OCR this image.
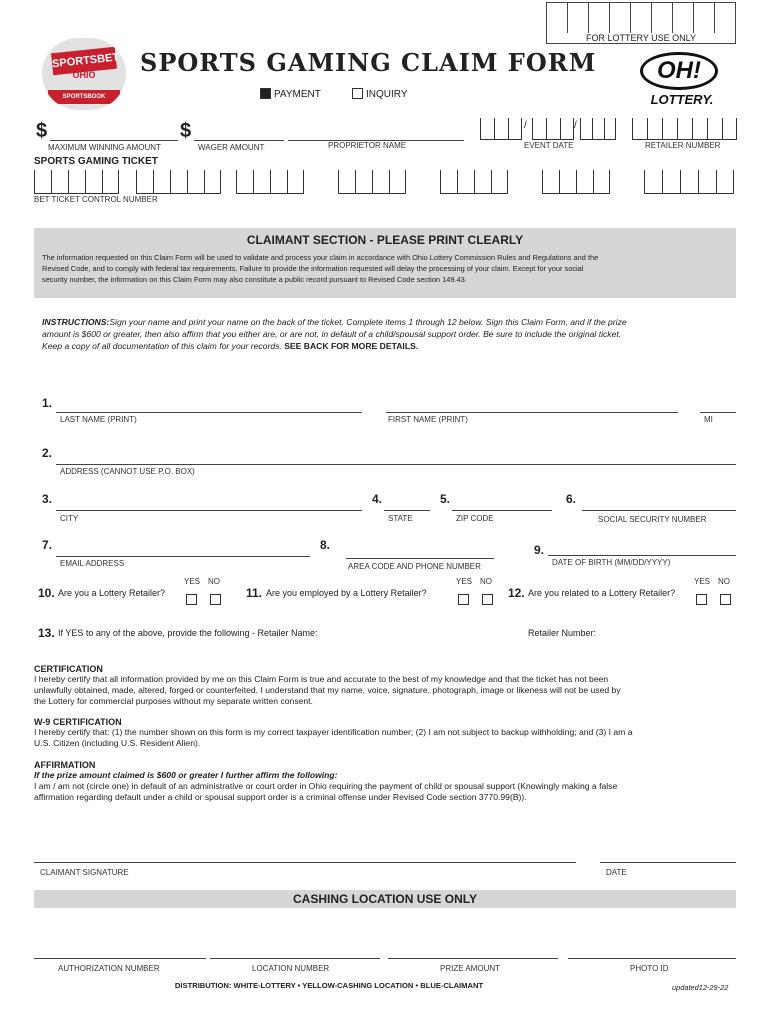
FOR LOTTERY USE ONLY
SPORTSBET
OHIO
SPORTSBOOK
SPORTS GAMING CLAIM FORM
PAYMENT	INQUIRY
OH!
LOTTERY.
$
MAXIMUM WINNING AMOUNT
$
WAGER AMOUNT	PROPRIETOR NAME
/	/
EVENT DATE	RETAILER NUMBER
SPORTS GAMING TICKET
BET TICKET CONTROL NUMBER
CLAIMANT SECTION - PLEASE PRINT CLEARLY
The information requested on this Claim Form will be used to validate and process your claim in accordance with Ohio Lottery Commission Rules and Regulations and the
Revised Code, and to comply with federal tax requirements. Failure to provide the information requested will delay the processing of your claim. Except for your social
security number, the information on this Claim Form may also constitute a public record pursuant to Revised Code section 149.43.
INSTRUCTIONS:Sign your name and print your name on the back of the ticket. Complete items 1 through 12 below. Sign this Claim Form, and if the prize
amount is $600 or greater, then also affirm that you either are, or are not, in default of a child/spousal support order. Be sure to include the original ticket.
Keep a copy of all documentation of this claim for your records. SEE BACK FOR MORE DETAILS.
1.
LAST NAME (PRINT)	FIRST NAME (PRINT)	MI
2.
ADDRESS (CANNOT USE P.O. BOX)
3.
CITY
4.
STATE
5.
ZIP CODE
6.
SOCIAL SECURITY NUMBER
7.
EMAIL ADDRESS
8.
AREA CODE AND PHONE NUMBER
9.
DATE OF BIRTH (MM/DD/YYYY)
YES NO
10. Are you a Lottery Retailer?	11. Are you employed by a Lottery Retailer?
YES NO
12. Are you related to a Lottery Retailer?
YES NO
13. If YES to any of the above, provide the following - Retailer Name:	Retailer Number:
CERTIFICATION
I hereby certify that all information provided by me on this Claim Form is true and accurate to the best of my knowledge and that the ticket has not been
unlawfully obtained, made, altered, forged or counterfeited. I understand that my name, voice, signature, photograph, image or likeness will not be used by
the Lottery for commercial purposes without my separate written consent.
W-9 CERTIFICATION
I hereby certify that: (1) the number shown on this form is my correct taxpayer identification number; (2) I am not subject to backup withholding; and (3) I am a
U.S. Citizen (including U.S. Resident Alien).
AFFIRMATION
If the prize amount claimed is $600 or greater I further affirm the following:
I am / am not (circle one) in default of an administrative or court order in Ohio requiring the payment of child or spousal support (Knowingly making a false
affirmation regarding default under a child or spousal support order is a criminal offense under Revised Code section 3770.99(B)).
CLAIMANT SIGNATURE	DATE
CASHING LOCATION USE ONLY
AUTHORIZATION NUMBER	LOCATION NUMBER	PRIZE AMOUNT	PHOTO ID
DISTRIBUTION: WHITE-LOTTERY • YELLOW-CASHING LOCATION • BLUE-CLAIMANT	updated12-29-22
